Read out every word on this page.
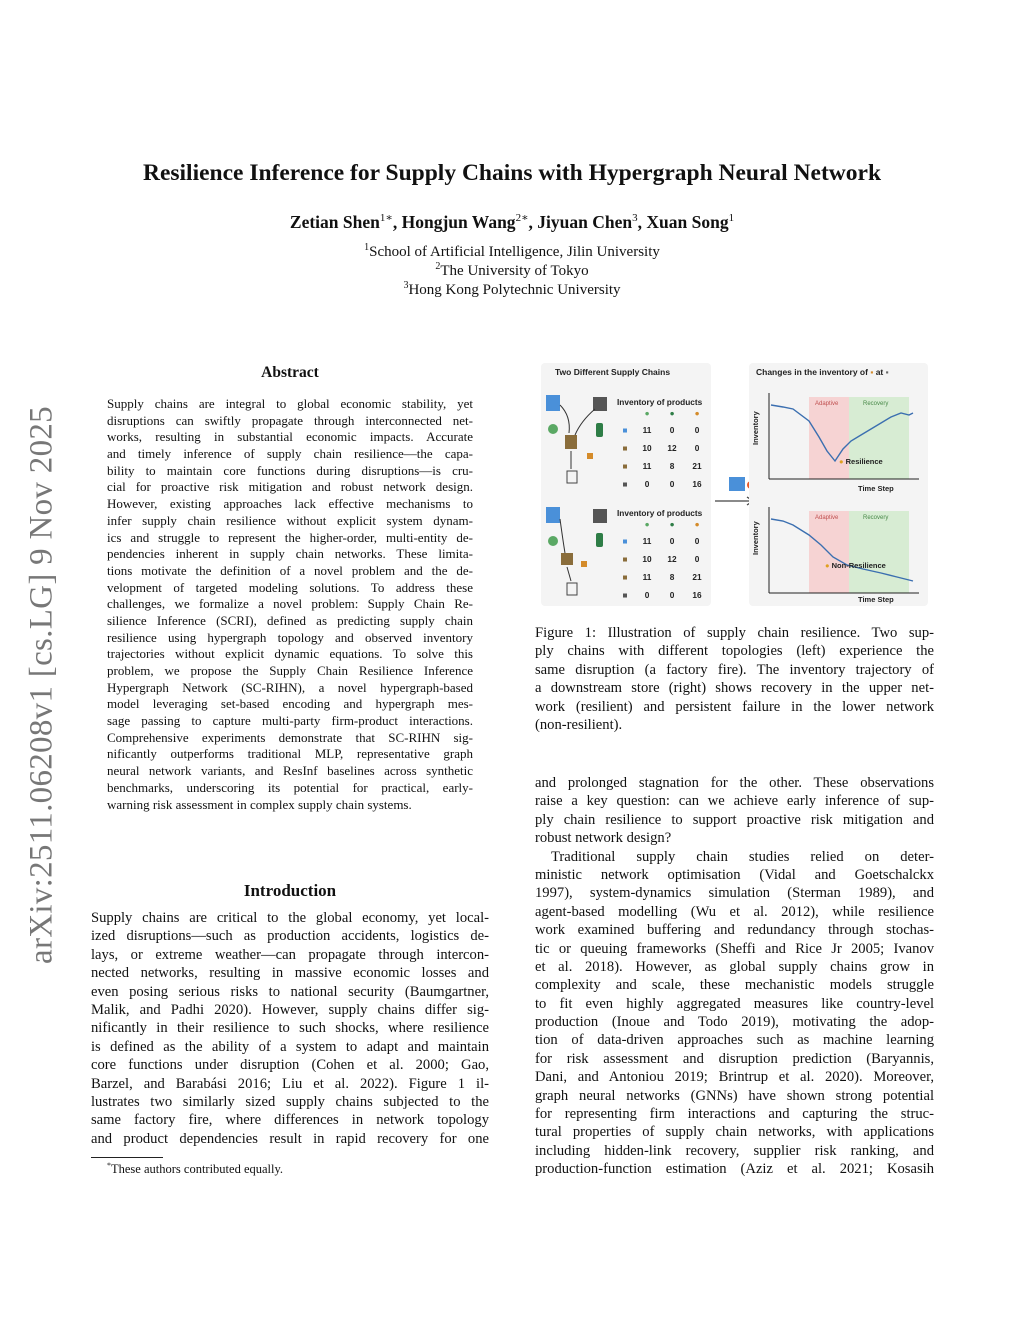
arXiv:2511.06208v1 [cs.LG] 9 Nov 2025
Resilience Inference for Supply Chains with Hypergraph Neural Network
Zetian Shen$^{1∗}$, Hongjun Wang$^{2∗}$, Jiyuan Chen$^3$, Xuan Song$^1$
$^1$School of Artificial Intelligence, Jilin University
$^2$The University of Tokyo
$^3$Hong Kong Polytechnic University
Abstract
Supply chains are integral to global economic stability, yet
disruptions can swiftly propagate through interconnected net-
works, resulting in substantial economic impacts. Accurate
and timely inference of supply chain resilience—the capa-
bility to maintain core functions during disruptions—is cru-
cial for proactive risk mitigation and robust network design.
However, existing approaches lack effective mechanisms to
infer supply chain resilience without explicit system dynam-
ics and struggle to represent the higher-order, multi-entity de-
pendencies inherent in supply chain networks. These limita-
tions motivate the definition of a novel problem and the de-
velopment of targeted modeling solutions. To address these
challenges, we formalize a novel problem: Supply Chain Re-
silience Inference (SCRI), defined as predicting supply chain
resilience using hypergraph topology and observed inventory
trajectories without explicit dynamic equations. To solve this
problem, we propose the Supply Chain Resilience Inference
Hypergraph Network (SC-RIHN), a novel hypergraph-based
model leveraging set-based encoding and hypergraph mes-
sage passing to capture multi-party firm-product interactions.
Comprehensive experiments demonstrate that SC-RIHN sig-
nificantly outperforms traditional MLP, representative graph
neural network variants, and ResInf baselines across synthetic
benchmarks, underscoring its potential for practical, early-
warning risk assessment in complex supply chain systems.
Introduction
Supply chains are critical to the global economy, yet local-
ized disruptions—such as production accidents, logistics de-
lays, or extreme weather—can propagate through intercon-
nected networks, resulting in massive economic losses and
even posing serious risks to national security (Baumgartner,
Malik, and Padhi 2020). However, supply chains differ sig-
nificantly in their resilience to such shocks, where resilience
is defined as the ability of a system to adapt and maintain
core functions under disruption (Cohen et al. 2000; Gao,
Barzel, and Barabási 2016; Liu et al. 2022). Figure 1 il-
lustrates two similarly sized supply chains subjected to the
same factory fire, where differences in network topology
and product dependencies result in rapid recovery for one
*These authors contributed equally.
Two Different Supply Chains
Inventory of products
●	●	●
■	11	0	0
■	10	12	0
■	11	8	21
■	0	0	16
Inventory of products
●	●	●
■	11	0	0
■	10	12	0
■	11	8	21
■	0	0	16
Changes in the inventory of ▪ at ▪
Adaptive	Recovery
Inventory
Time Step
● Resilience
Adaptive	Recovery
Inventory
Time Step
● Non-Resilience
Figure 1: Illustration of supply chain resilience. Two sup-
ply chains with different topologies (left) experience the
same disruption (a factory fire). The inventory trajectory of
a downstream store (right) shows recovery in the upper net-
work (resilient) and persistent failure in the lower network
(non-resilient).
and prolonged stagnation for the other. These observations
raise a key question: can we achieve early inference of sup-
ply chain resilience to support proactive risk mitigation and
robust network design?
Traditional supply chain studies relied on deter-
ministic network optimisation (Vidal and Goetschalckx
1997), system-dynamics simulation (Sterman 1989), and
agent-based modelling (Wu et al. 2012), while resilience
work examined buffering and redundancy through stochas-
tic or queuing frameworks (Sheffi and Rice Jr 2005; Ivanov
et al. 2018). However, as global supply chains grow in
complexity and scale, these mechanistic models struggle
to fit even highly aggregated measures like country-level
production (Inoue and Todo 2019), motivating the adop-
tion of data-driven approaches such as machine learning
for risk assessment and disruption prediction (Baryannis,
Dani, and Antoniou 2019; Brintrup et al. 2020). Moreover,
graph neural networks (GNNs) have shown strong potential
for representing firm interactions and capturing the struc-
tural properties of supply chain networks, with applications
including hidden-link recovery, supplier risk ranking, and
production-function estimation (Aziz et al. 2021; Kosasih
